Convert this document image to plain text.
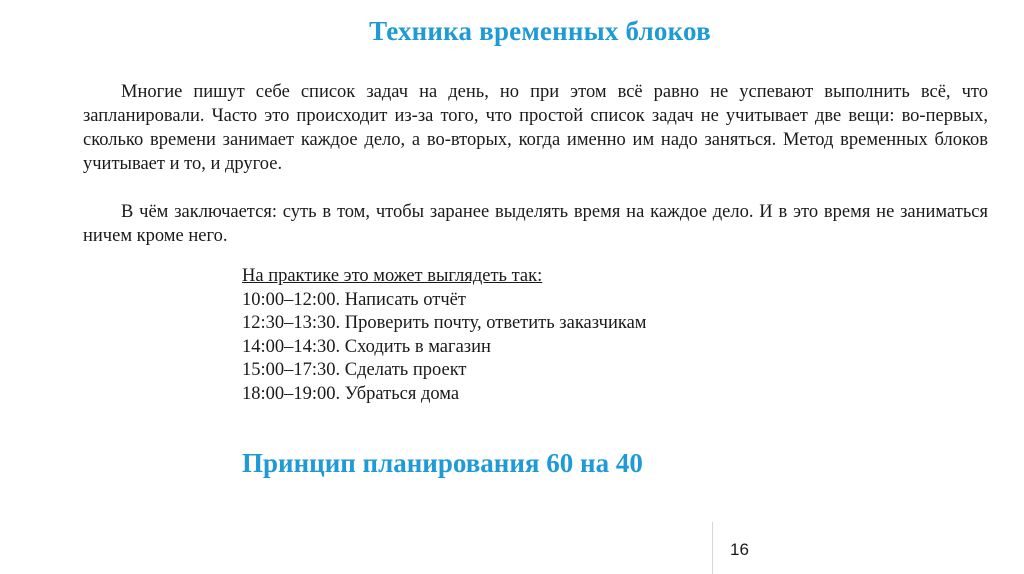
Техника временных блоков

Многие пишут себе список задач на день, но при этом всё равно не успевают выполнить всё, что запланировали. Часто это происходит из-за того, что простой список задач не учитывает две вещи: во-первых, сколько времени занимает каждое дело, а во-вторых, когда именно им надо заняться. Метод временных блоков учитывает и то, и другое.

В чём заключается: суть в том, чтобы заранее выделять время на каждое дело. И в это время не заниматься ничем кроме него.

На практике это может выглядеть так:
10:00–12:00. Написать отчёт
12:30–13:30. Проверить почту, ответить заказчикам
14:00–14:30. Сходить в магазин
15:00–17:30. Сделать проект
18:00–19:00. Убраться дома
Принцип планирования 60 на 40
16
